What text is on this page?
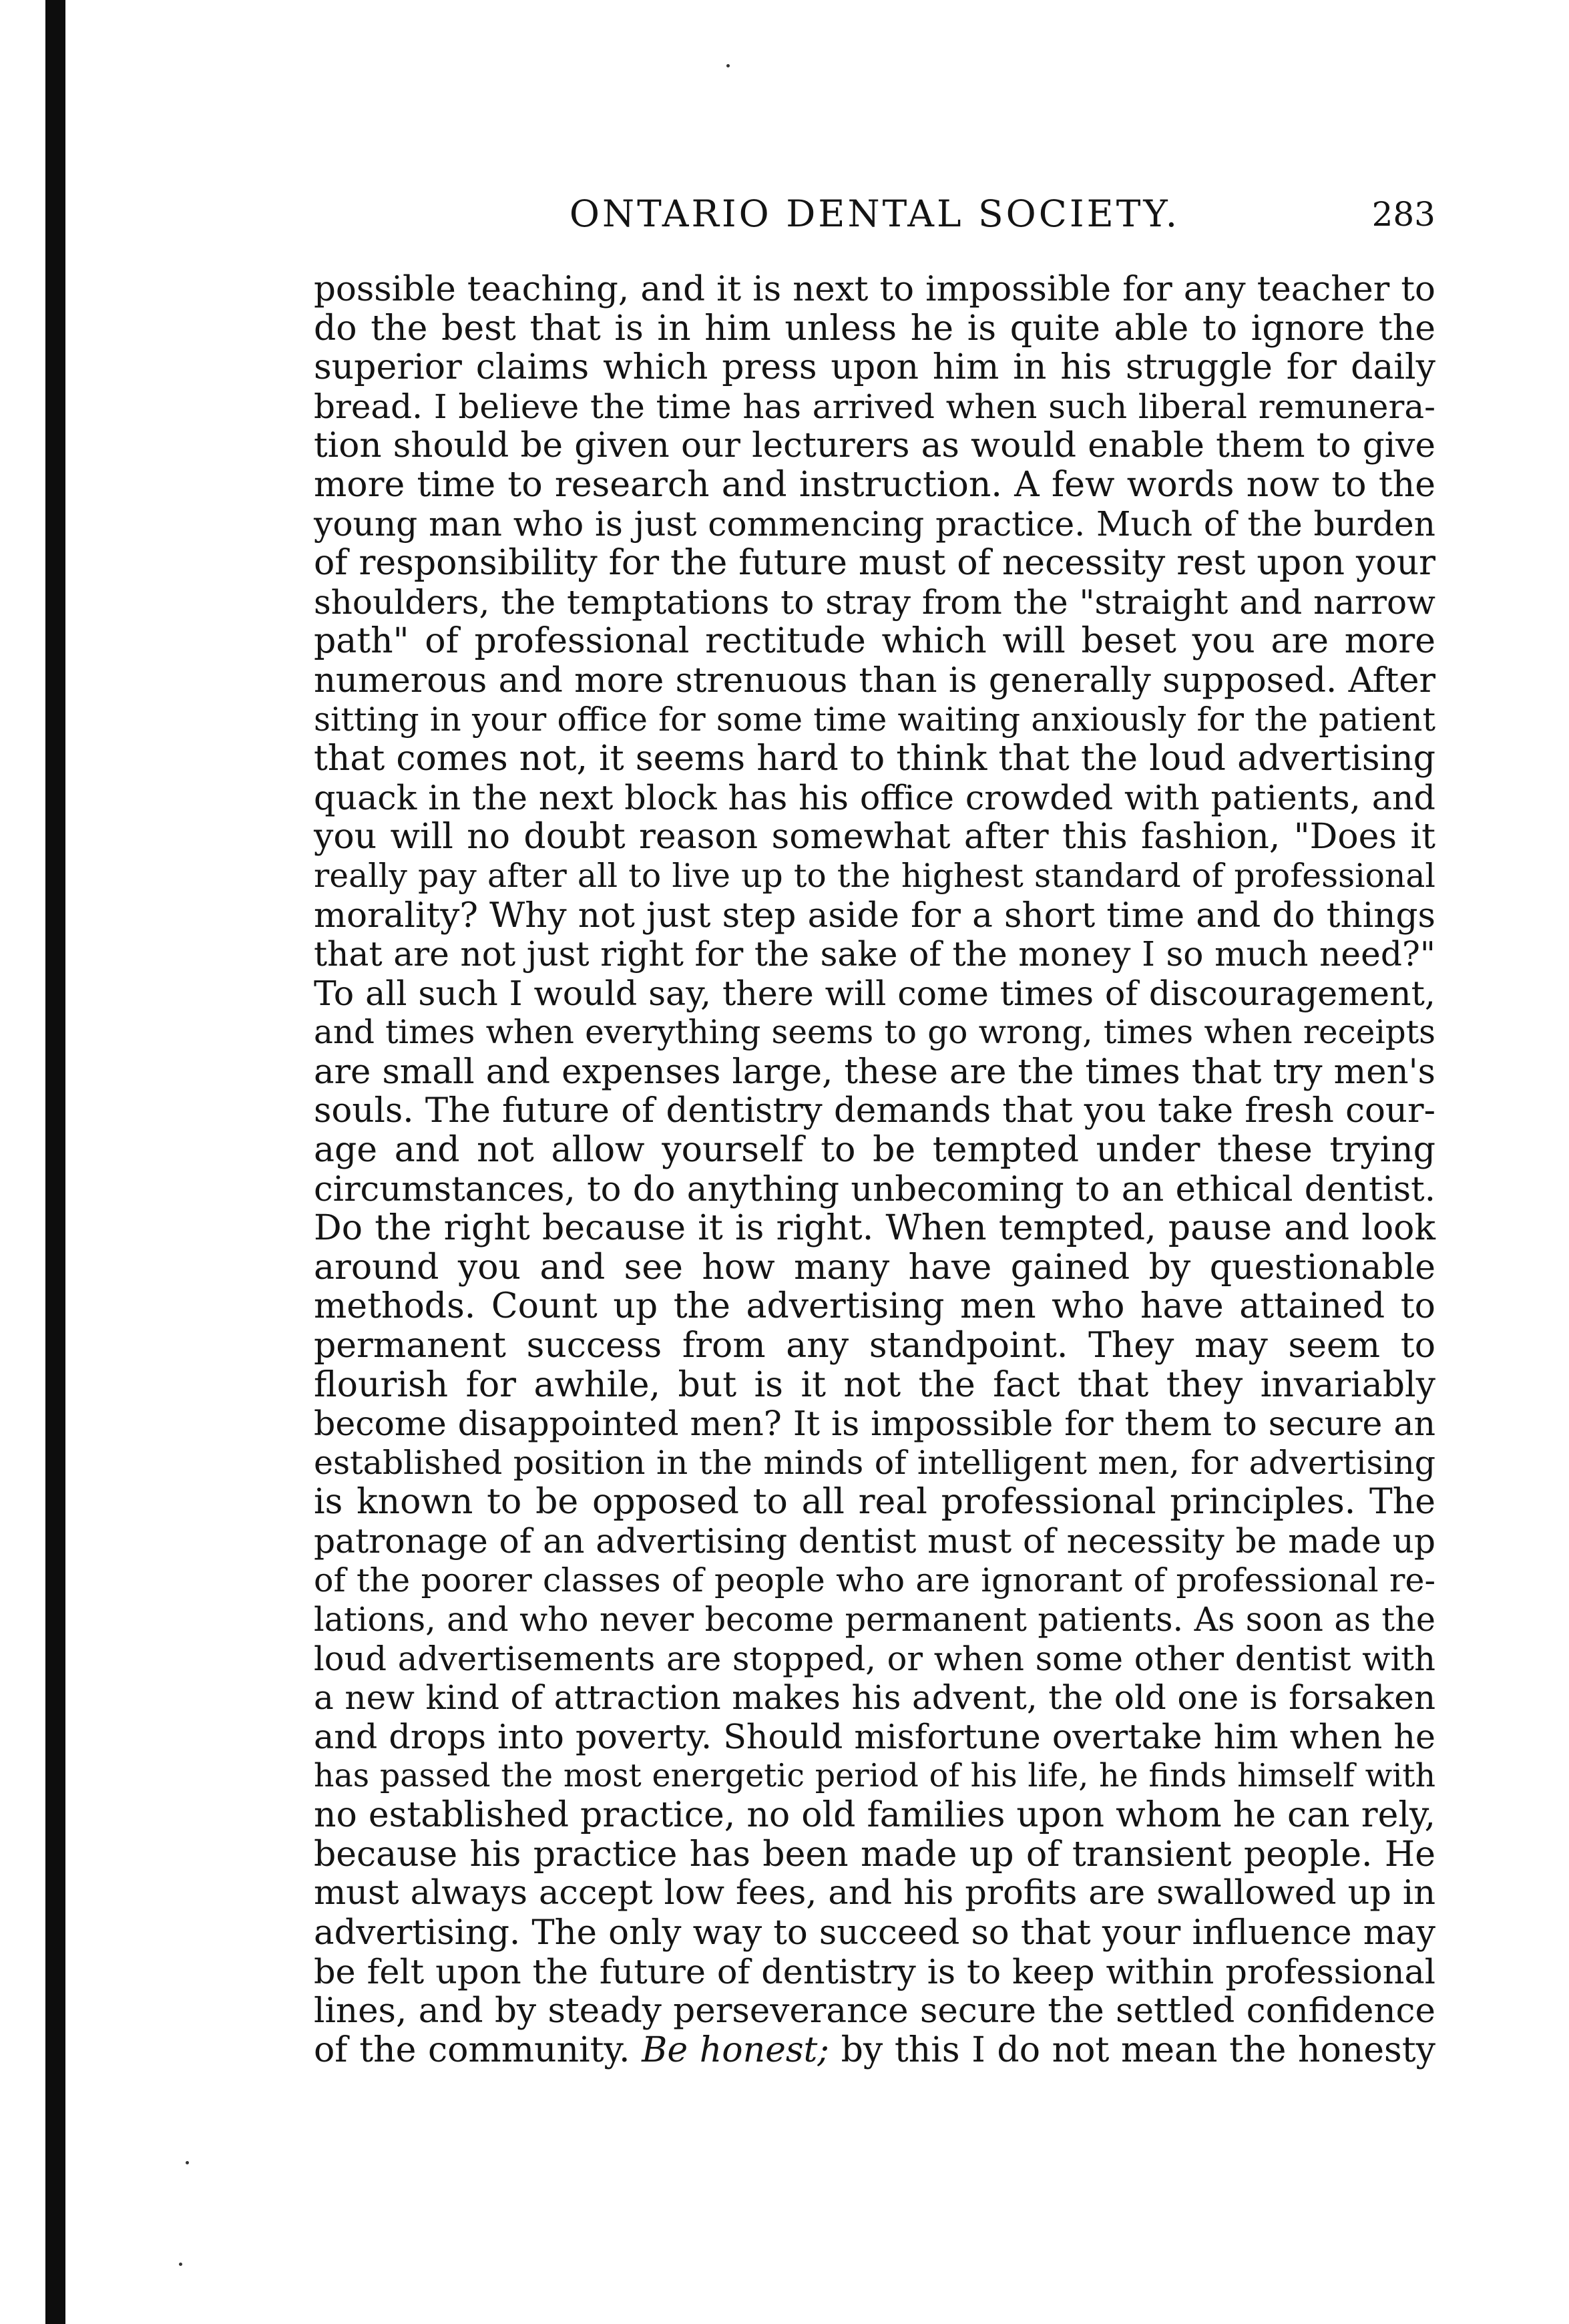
ONTARIO DENTAL SOCIETY.	283
possible teaching, and it is next to impossible for any teacher to
do the best that is in him unless he is quite able to ignore the
superior claims which press upon him in his struggle for daily
bread. I believe the time has arrived when such liberal remunera-
tion should be given our lecturers as would enable them to give
more time to research and instruction. A few words now to the
young man who is just commencing practice. Much of the burden
of responsibility for the future must of necessity rest upon your
shoulders, the temptations to stray from the "straight and narrow
path" of professional rectitude which will beset you are more
numerous and more strenuous than is generally supposed. After
sitting in your office for some time waiting anxiously for the patient
that comes not, it seems hard to think that the loud advertising
quack in the next block has his office crowded with patients, and
you will no doubt reason somewhat after this fashion, "Does it
really pay after all to live up to the highest standard of professional
morality? Why not just step aside for a short time and do things
that are not just right for the sake of the money I so much need?"
To all such I would say, there will come times of discouragement,
and times when everything seems to go wrong, times when receipts
are small and expenses large, these are the times that try men's
souls. The future of dentistry demands that you take fresh cour-
age and not allow yourself to be tempted under these trying
circumstances, to do anything unbecoming to an ethical dentist.
Do the right because it is right. When tempted, pause and look
around you and see how many have gained by questionable
methods. Count up the advertising men who have attained to
permanent success from any standpoint. They may seem to
flourish for awhile, but is it not the fact that they invariably
become disappointed men? It is impossible for them to secure an
established position in the minds of intelligent men, for advertising
is known to be opposed to all real professional principles. The
patronage of an advertising dentist must of necessity be made up
of the poorer classes of people who are ignorant of professional re-
lations, and who never become permanent patients. As soon as the
loud advertisements are stopped, or when some other dentist with
a new kind of attraction makes his advent, the old one is forsaken
and drops into poverty. Should misfortune overtake him when he
has passed the most energetic period of his life, he finds himself with
no established practice, no old families upon whom he can rely,
because his practice has been made up of transient people. He
must always accept low fees, and his profits are swallowed up in
advertising. The only way to succeed so that your influence may
be felt upon the future of dentistry is to keep within professional
lines, and by steady perseverance secure the settled confidence
of the community. Be honest; by this I do not mean the honesty
